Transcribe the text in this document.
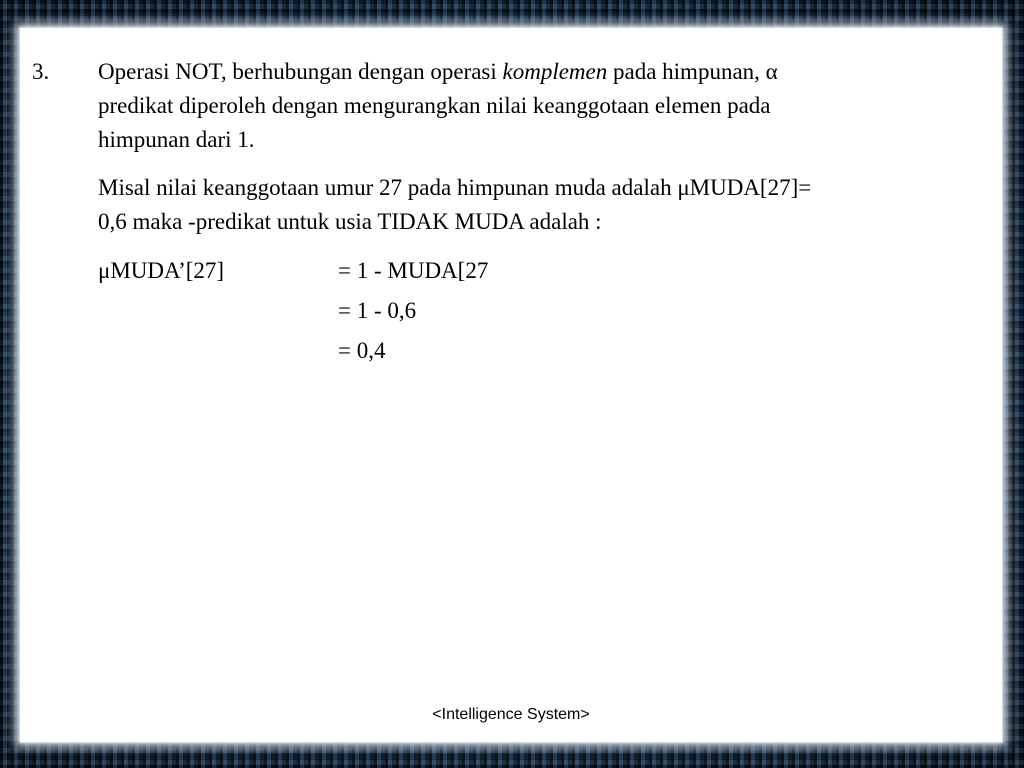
3. Operasi NOT, berhubungan dengan operasi komplemen pada himpunan, α
predikat diperoleh dengan mengurangkan nilai keanggotaan elemen pada
himpunan dari 1.
Misal nilai keanggotaan umur 27 pada himpunan muda adalah μMUDA[27]=
0,6 maka -predikat untuk usia TIDAK MUDA adalah :
μMUDA’[27]	= 1 - MUDA[27
= 1 - 0,6
= 0,4
<Intelligence System>
